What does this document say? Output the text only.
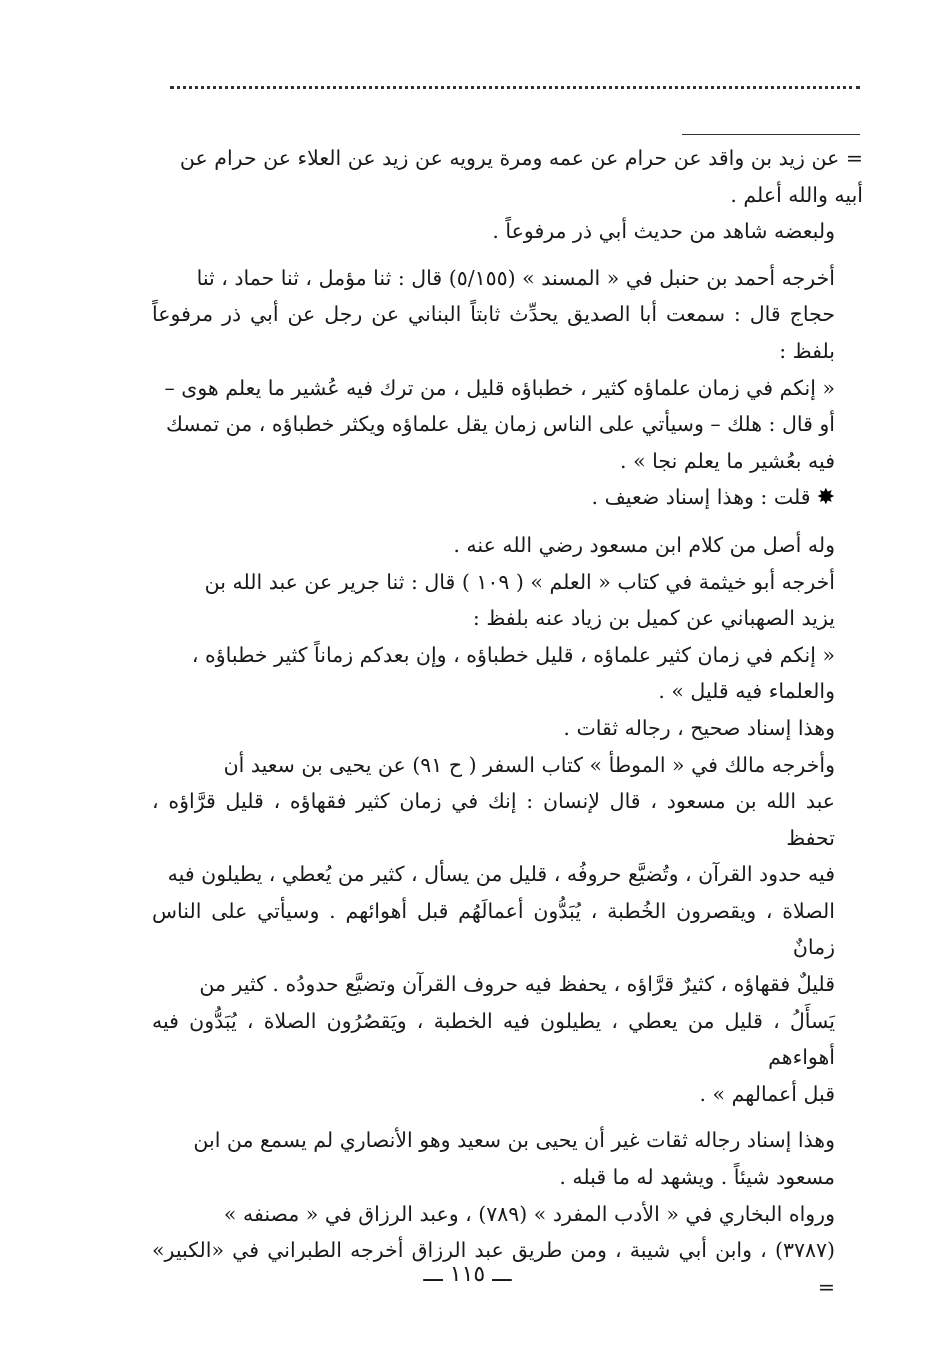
= عن زيد بن واقد عن حرام عن عمه ومرة يرويه عن زيد عن العلاء عن حرام عن
أبيه والله أعلم .

ولبعضه شاهد من حديث أبي ذر مرفوعاً .

أخرجه أحمد بن حنبل في « المسند » (٥/١٥٥) قال : ثنا مؤمل ، ثنا حماد ، ثنا
حجاج قال : سمعت أبا الصديق يحدِّث ثابتاً البناني عن رجل عن أبي ذر مرفوعاً بلفظ :
« إنكم في زمان علماؤه كثير ، خطباؤه قليل ، من ترك فيه عُشير ما يعلم هوى –
أو قال : هلك – وسيأتي على الناس زمان يقل علماؤه ويكثر خطباؤه ، من تمسك
فيه بعُشير ما يعلم نجا » .

✸قلت : وهذا إسناد ضعيف .

وله أصل من كلام ابن مسعود رضي الله عنه .

أخرجه أبو خيثمة في كتاب « العلم » ( ١٠٩ ) قال : ثنا جرير عن عبد الله بن
يزيد الصهباني عن كميل بن زياد عنه بلفظ :

« إنكم في زمان كثير علماؤه ، قليل خطباؤه ، وإن بعدكم زماناً كثير خطباؤه ،
والعلماء فيه قليل » .

وهذا إسناد صحيح ، رجاله ثقات .

وأخرجه مالك في « الموطأ » كتاب السفر ( ح ٩١) عن يحيى بن سعيد أن
عبد الله بن مسعود ، قال لإنسان : إنك في زمان كثير فقهاؤه ، قليل قرَّاؤه ، تحفظ
فيه حدود القرآن ، وتُضيَّع حروفُه ، قليل من يسأل ، كثير من يُعطي ، يطيلون فيه
الصلاة ، ويقصرون الخُطبة ، يُبَدُّون أعمالَهُم قبل أهوائهم . وسيأتي على الناس زمانٌ
قليلٌ فقهاؤه ، كثيرٌ قرَّاؤه ، يحفظ فيه حروف القرآن وتضيَّع حدودُه . كثير من
يَسأَلُ ، قليل من يعطي ، يطيلون فيه الخطبة ، ويَقصُرُون الصلاة ، يُبَدُّون فيه أهواءهم
قبل أعمالهم » .

وهذا إسناد رجاله ثقات غير أن يحيى بن سعيد وهو الأنصاري لم يسمع من ابن
مسعود شيئاً . ويشهد له ما قبله .

ورواه البخاري في « الأدب المفرد » (٧٨٩) ، وعبد الرزاق في « مصنفه »
(٣٧٨٧) ، وابن أبي شيبة ، ومن طريق عبد الرزاق أخرجه الطبراني في «الكبير» =

ـــ ١١٥ ـــ
